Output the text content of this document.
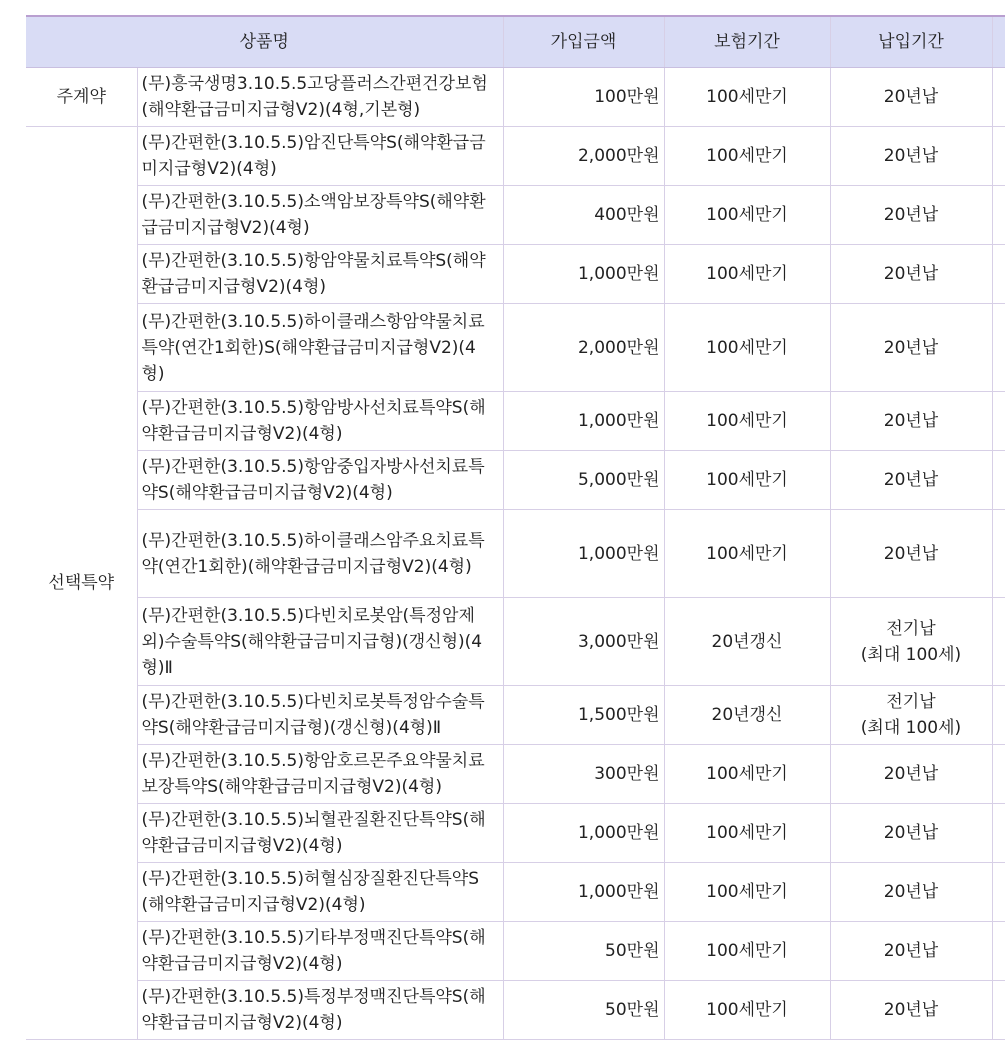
상품명		가입금액	보험기간	납입기간	
주계약	(무)흥국생명3.10.5.5고당플러스간편건강보험(해약환급금미지급형V2)(4형,기본형)	100만원	100세만기	20년납	
선택특약	(무)간편한(3.10.5.5)암진단특약S(해약환급금미지급형V2)(4형)	2,000만원	100세만기	20년납	
	(무)간편한(3.10.5.5)소액암보장특약S(해약환급금미지급형V2)(4형)	400만원	100세만기	20년납	
	(무)간편한(3.10.5.5)항암약물치료특약S(해약환급금미지급형V2)(4형)	1,000만원	100세만기	20년납	
	(무)간편한(3.10.5.5)하이클래스항암약물치료특약(연간1회한)S(해약환급금미지급형V2)(4형)	2,000만원	100세만기	20년납	
	(무)간편한(3.10.5.5)항암방사선치료특약S(해약환급금미지급형V2)(4형)	1,000만원	100세만기	20년납	
	(무)간편한(3.10.5.5)항암중입자방사선치료특약S(해약환급금미지급형V2)(4형)	5,000만원	100세만기	20년납	
	(무)간편한(3.10.5.5)하이클래스암주요치료특약(연간1회한)(해약환급금미지급형V2)(4형)	1,000만원	100세만기	20년납	
	(무)간편한(3.10.5.5)다빈치로봇암(특정암제외)수술특약S(해약환급금미지급형)(갱신형)(4형)Ⅱ	3,000만원	20년갱신	전기납
(최대 100세)	

	(무)간편한(3.10.5.5)다빈치로봇특정암수술특약S(해약환급금미지급형)(갱신형)(4형)Ⅱ	1,500만원	20년갱신	전기납
(최대 100세)	

	(무)간편한(3.10.5.5)항암호르몬주요약물치료보장특약S(해약환급금미지급형V2)(4형)	300만원	100세만기	20년납	
	(무)간편한(3.10.5.5)뇌혈관질환진단특약S(해약환급금미지급형V2)(4형)	1,000만원	100세만기	20년납	
	(무)간편한(3.10.5.5)허혈심장질환진단특약S(해약환급금미지급형V2)(4형)	1,000만원	100세만기	20년납	
	(무)간편한(3.10.5.5)기타부정맥진단특약S(해약환급금미지급형V2)(4형)	50만원	100세만기	20년납	
	(무)간편한(3.10.5.5)특정부정맥진단특약S(해약환급금미지급형V2)(4형)	50만원	100세만기	20년납	
